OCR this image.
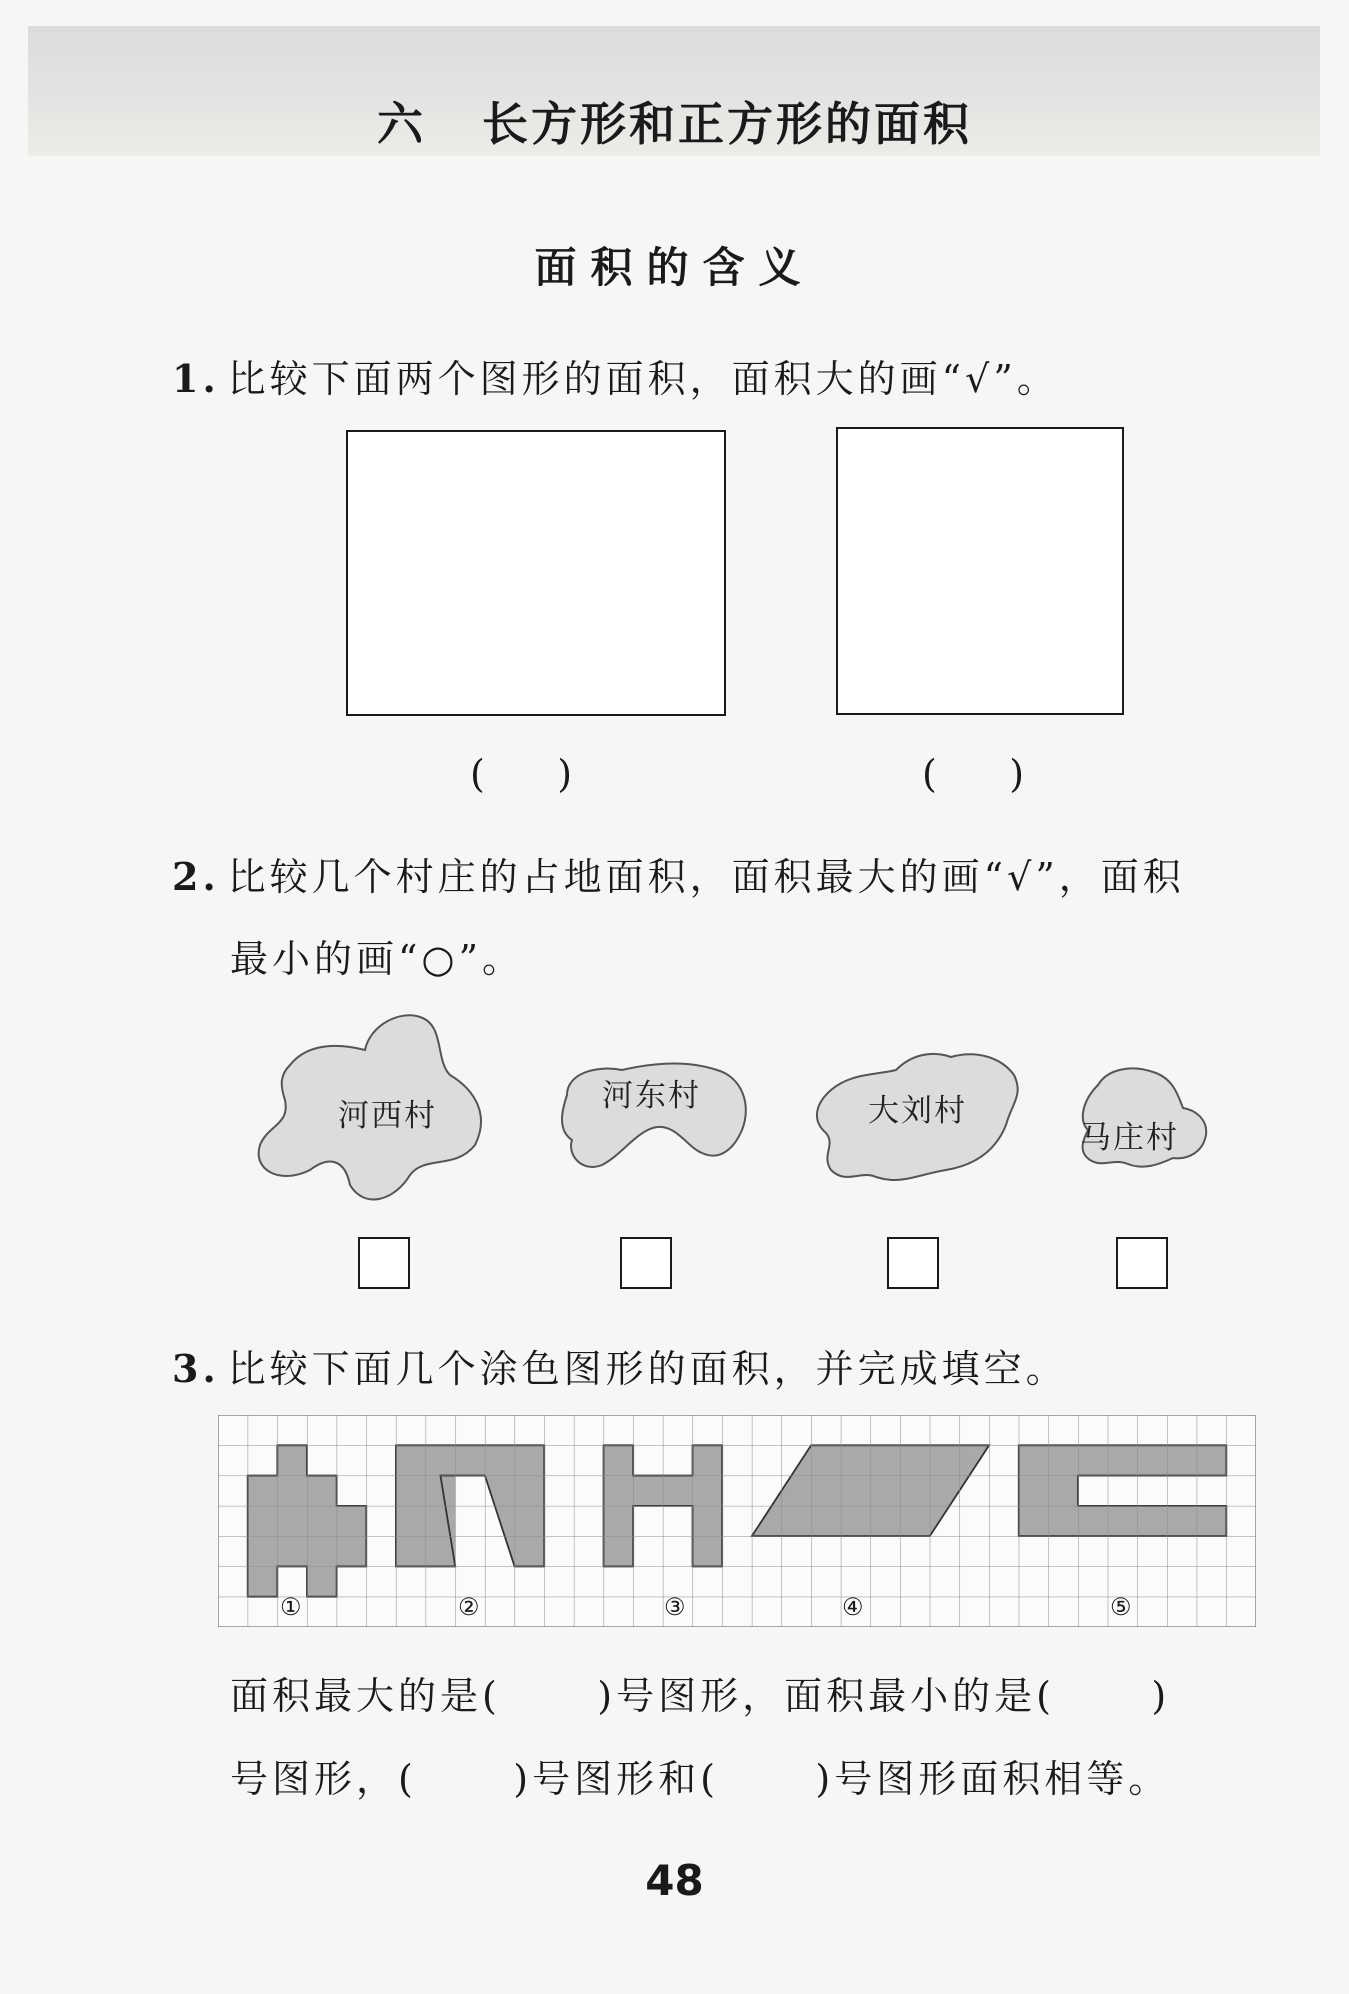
六 长方形和正方形的面积
面积的含义
1. 比较下面两个图形的面积，面积大的画“√”。
(      )	(      )
2. 比较几个村庄的占地面积，面积最大的画“√”，面积
最小的画“○”。
河西村
河东村	大刘村
马庄村
3. 比较下面几个涂色图形的面积，并完成填空。
①	②	③	④	⑤
面积最大的是(      )号图形，面积最小的是(      )
号图形，(      )号图形和(      )号图形面积相等。
48
